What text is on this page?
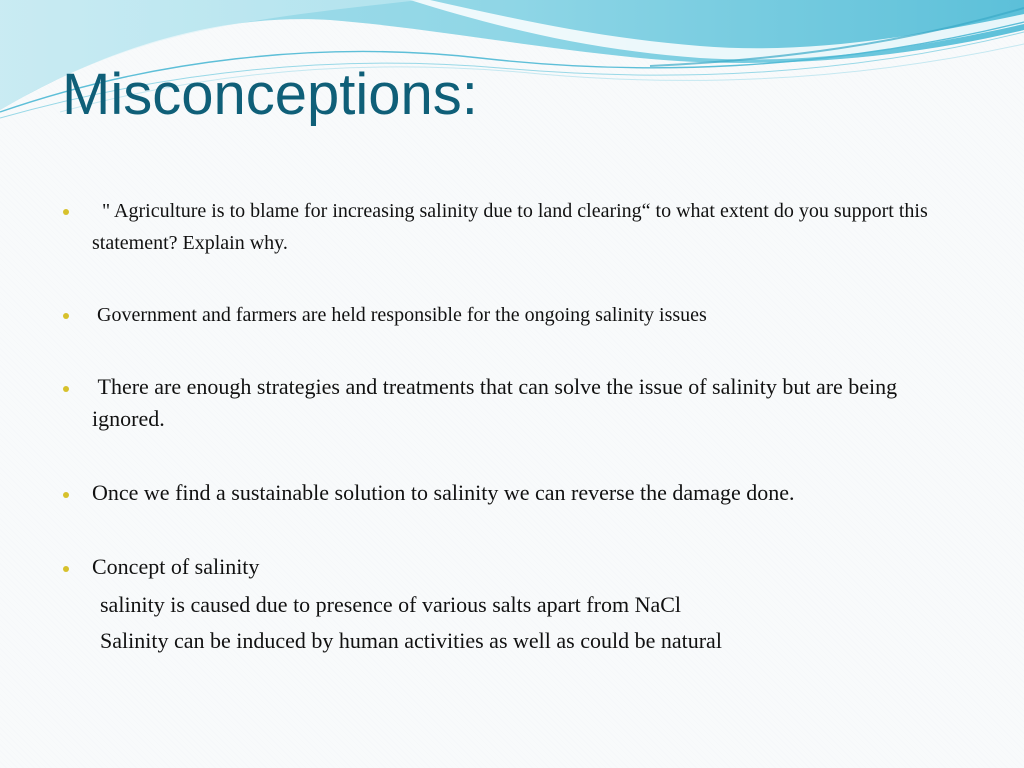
Misconceptions:
" Agriculture is to blame for increasing salinity due to land clearing“ to what extent do you support this statement? Explain why.
Government and farmers are held responsible for the ongoing salinity issues
There are enough strategies and treatments that can solve the issue of salinity but are being ignored.
Once we find a sustainable solution to salinity we can reverse the damage done.
Concept of salinity
salinity is caused due to presence of various salts apart from NaCl
Salinity can be induced by human activities as well as could be natural
